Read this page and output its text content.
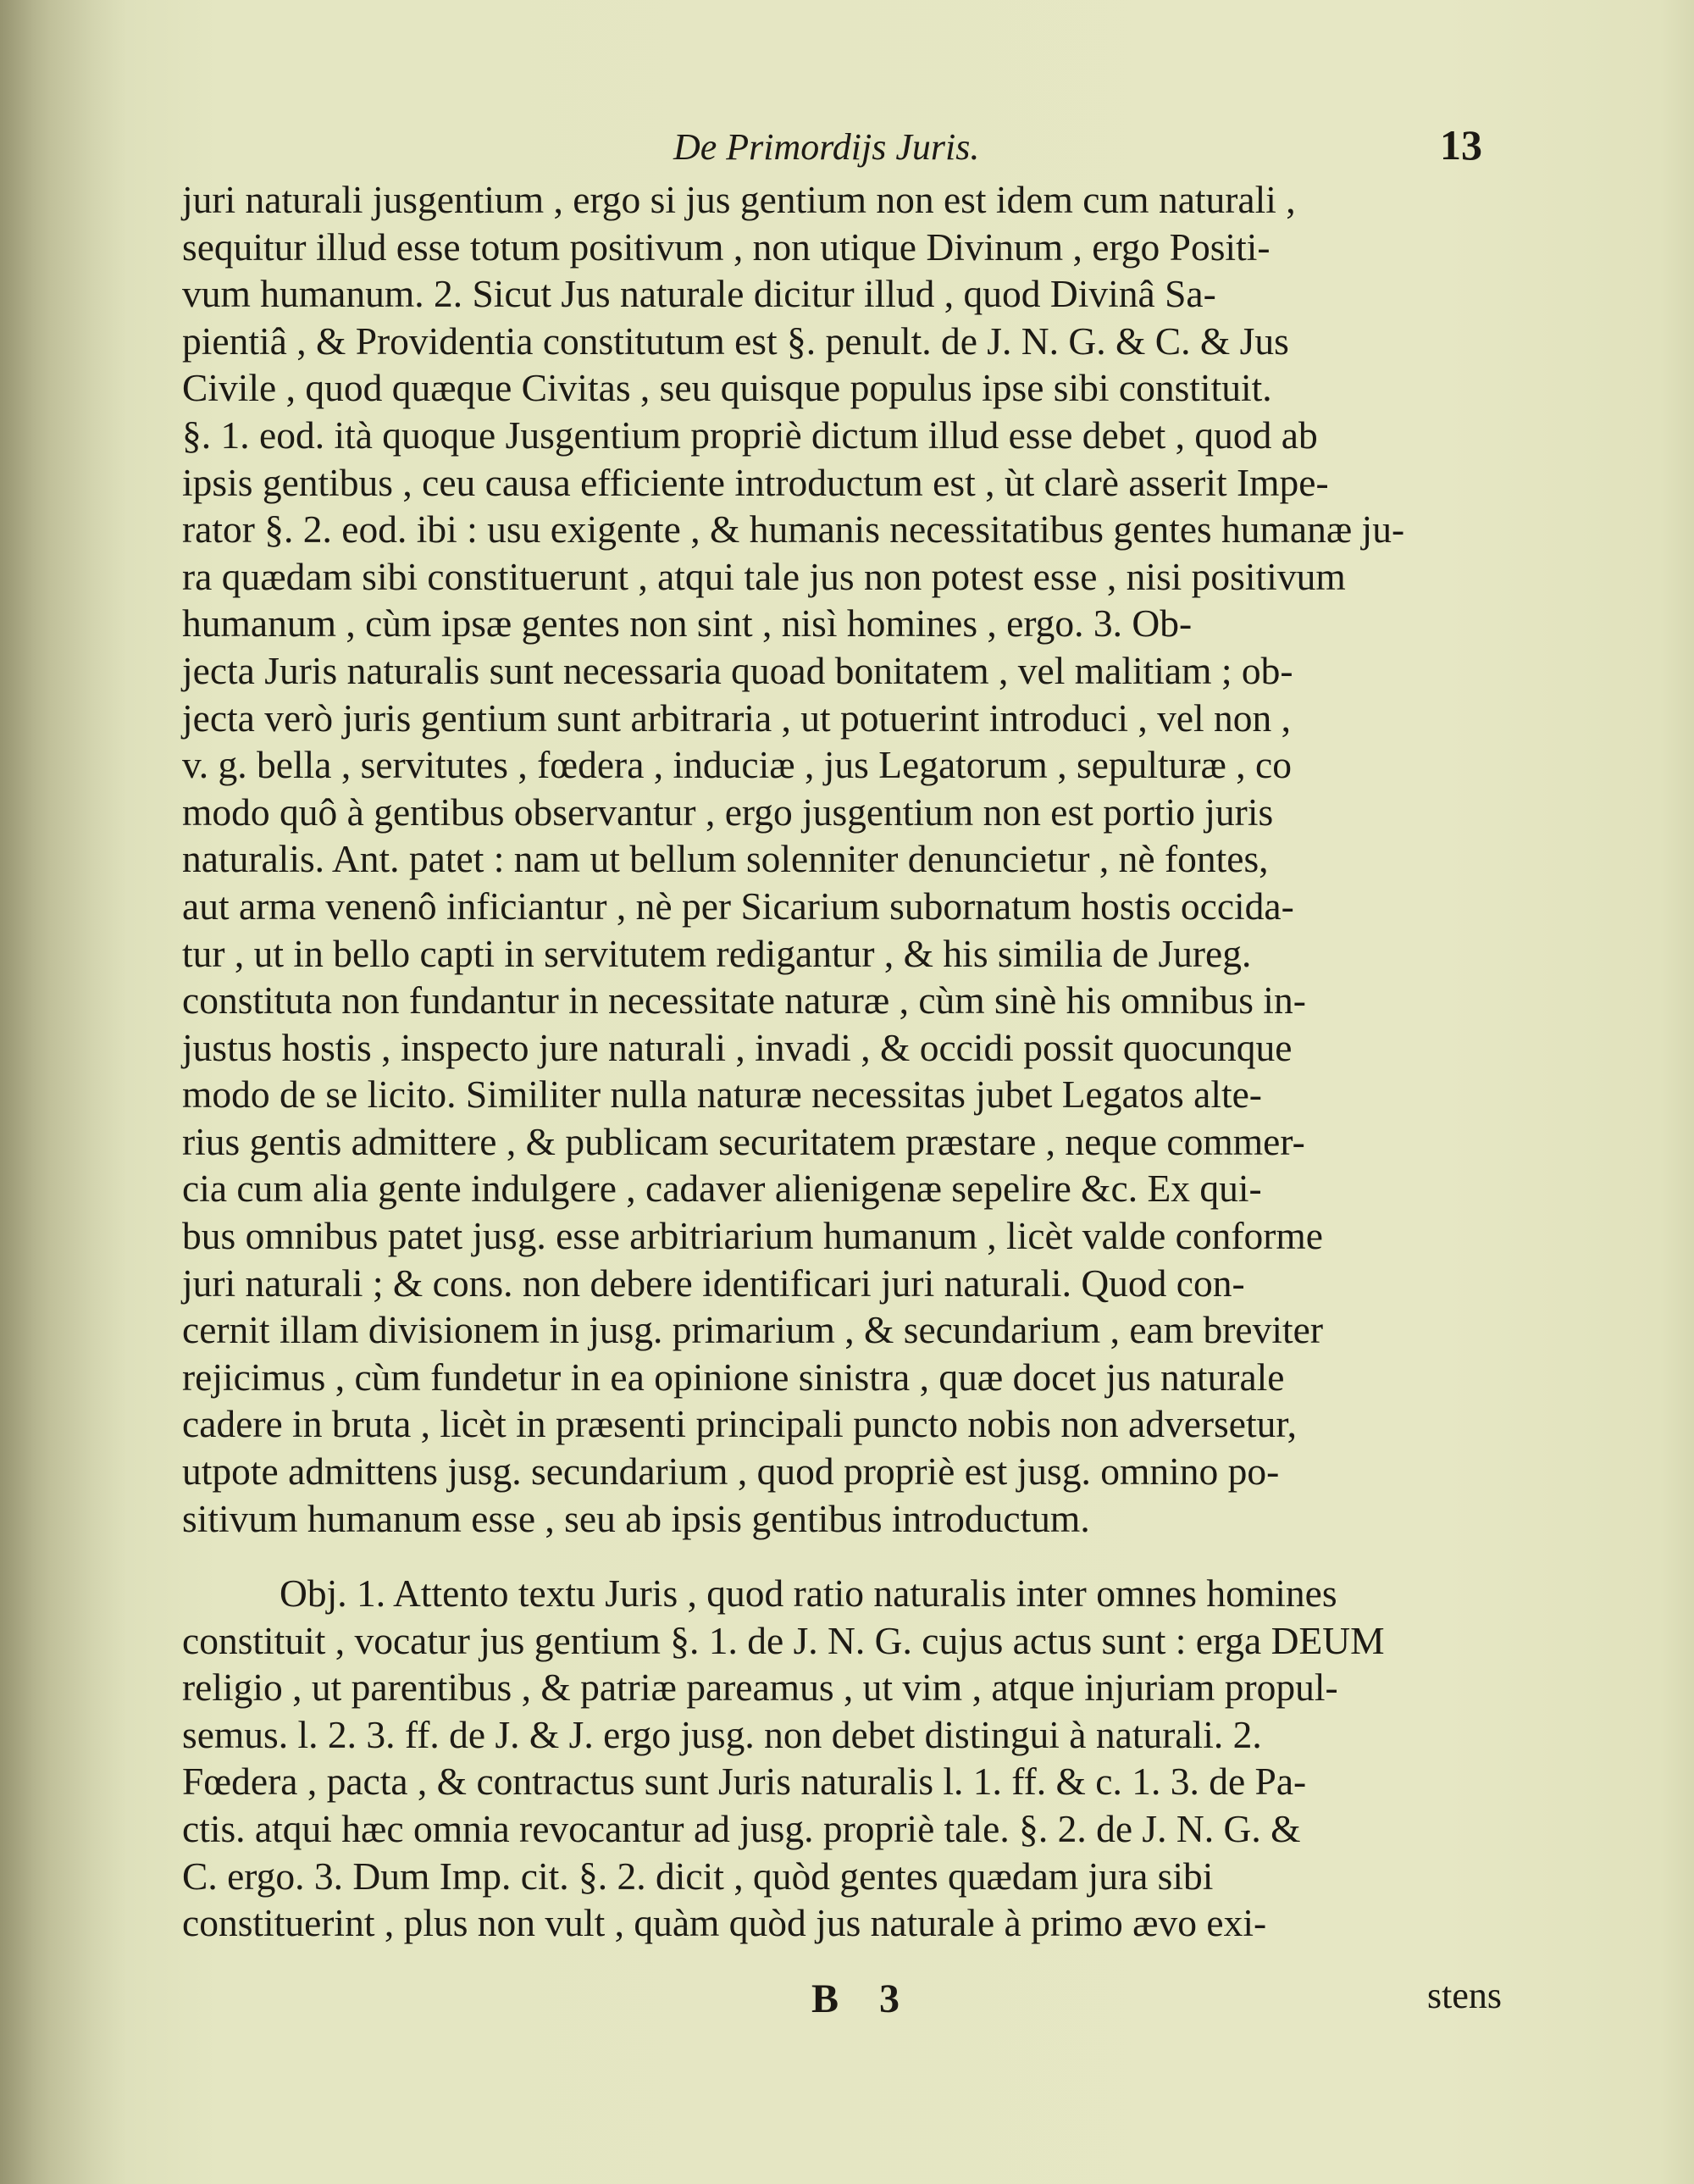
De Primordijs Juris.	13
juri naturali jusgentium , ergo si jus gentium non est idem cum naturali ,
sequitur illud esse totum positivum , non utique Divinum , ergo Positi-
vum humanum. 2. Sicut Jus naturale dicitur illud , quod Divinâ Sa-
pientiâ , & Providentia constitutum est §. penult. de J. N. G. & C. & Jus
Civile , quod quæque Civitas , seu quisque populus ipse sibi constituit.
§. 1. eod. ità quoque Jusgentium propriè dictum illud esse debet , quod ab
ipsis gentibus , ceu causa efficiente introductum est , ùt clarè asserit Impe-
rator §. 2. eod. ibi : usu exigente , & humanis necessitatibus gentes humanæ ju-
ra quædam sibi constituerunt , atqui tale jus non potest esse , nisi positivum
humanum , cùm ipsæ gentes non sint , nisì homines , ergo. 3. Ob-
jecta Juris naturalis sunt necessaria quoad bonitatem , vel malitiam ; ob-
jecta verò juris gentium sunt arbitraria , ut potuerint introduci , vel non ,
v. g. bella , servitutes , fœdera , induciæ , jus Legatorum , sepulturæ , co
modo quô à gentibus observantur , ergo jusgentium non est portio juris
naturalis. Ant. patet : nam ut bellum solenniter denuncietur , nè fontes,
aut arma venenô inficiantur , nè per Sicarium subornatum hostis occida-
tur , ut in bello capti in servitutem redigantur , & his similia de Jureg.
constituta non fundantur in necessitate naturæ , cùm sinè his omnibus in-
justus hostis , inspecto jure naturali , invadi , & occidi possit quocunque
modo de se licito. Similiter nulla naturæ necessitas jubet Legatos alte-
rius gentis admittere , & publicam securitatem præstare , neque commer-
cia cum alia gente indulgere , cadaver alienigenæ sepelire &c. Ex qui-
bus omnibus patet jusg. esse arbitriarium humanum , licèt valde conforme
juri naturali ; & cons. non debere identificari juri naturali. Quod con-
cernit illam divisionem in jusg. primarium , & secundarium , eam breviter
rejicimus , cùm fundetur in ea opinione sinistra , quæ docet jus naturale
cadere in bruta , licèt in præsenti principali puncto nobis non adversetur,
utpote admittens jusg. secundarium , quod propriè est jusg. omnino po-
sitivum humanum esse , seu ab ipsis gentibus introductum.
Obj. 1. Attento textu Juris , quod ratio naturalis inter omnes homines
constituit , vocatur jus gentium §. 1. de J. N. G. cujus actus sunt : erga DEUM
religio , ut parentibus , & patriæ pareamus , ut vim , atque injuriam propul-
semus. l. 2. 3. ff. de J. & J. ergo jusg. non debet distingui à naturali. 2.
Fœdera , pacta , & contractus sunt Juris naturalis l. 1. ff. & c. 1. 3. de Pa-
ctis. atqui hæc omnia revocantur ad jusg. propriè tale. §. 2. de J. N. G. &
C. ergo. 3. Dum Imp. cit. §. 2. dicit , quòd gentes quædam jura sibi
constituerint , plus non vult , quàm quòd jus naturale à primo ævo exi-
B 3	stens
